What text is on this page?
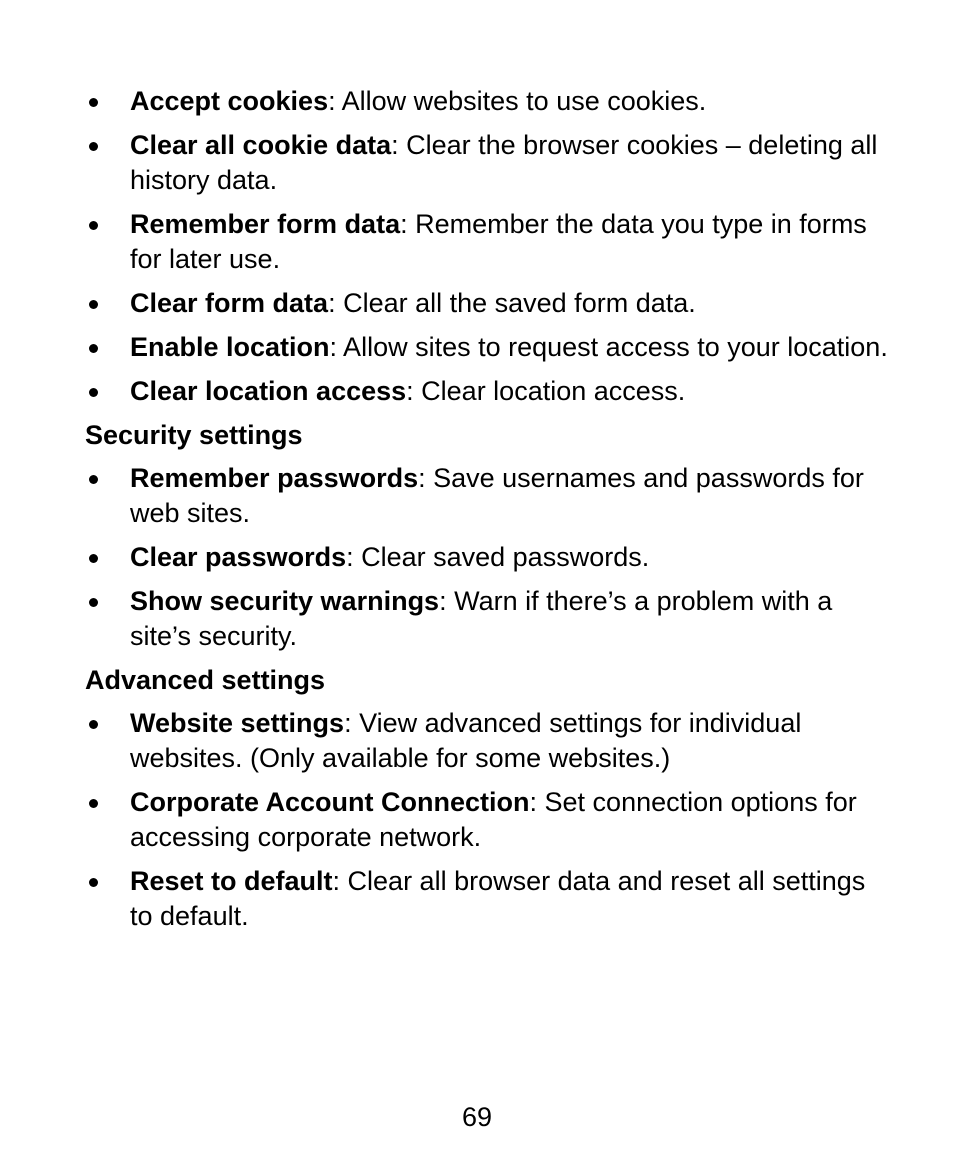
Accept cookies: Allow websites to use cookies.
Clear all cookie data: Clear the browser cookies – deleting all history data.
Remember form data: Remember the data you type in forms for later use.
Clear form data: Clear all the saved form data.
Enable location: Allow sites to request access to your location.
Clear location access: Clear location access.
Security settings
Remember passwords: Save usernames and passwords for web sites.
Clear passwords: Clear saved passwords.
Show security warnings: Warn if there’s a problem with a site’s security.
Advanced settings
Website settings: View advanced settings for individual websites. (Only available for some websites.)
Corporate Account Connection: Set connection options for accessing corporate network.
Reset to default: Clear all browser data and reset all settings to default.
69
